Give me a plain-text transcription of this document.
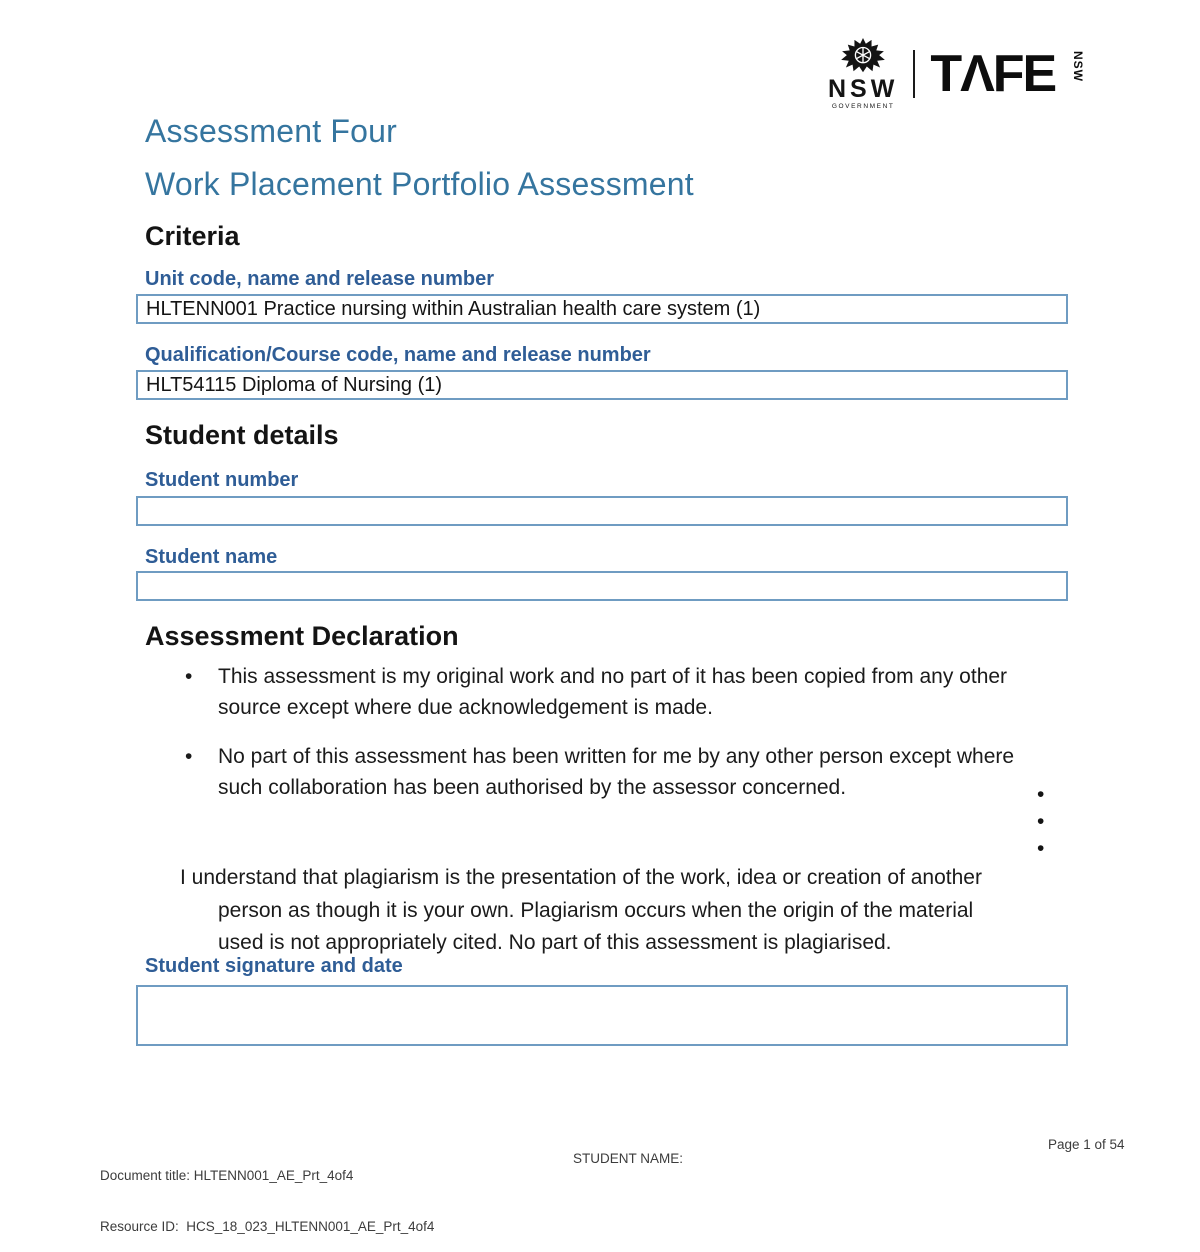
NSW
GOVERNMENT
TΛFE NSW
Assessment Four
Work Placement Portfolio Assessment
Criteria
Unit code, name and release number
HLTENN001 Practice nursing within Australian health care system (1)
Qualification/Course code, name and release number
HLT54115 Diploma of Nursing (1)
Student details
Student number
Student name
Assessment Declaration
• This assessment is my original work and no part of it has been copied from any other
source except where due acknowledgement is made.
• No part of this assessment has been written for me by any other person except where
such collaboration has been authorised by the assessor concerned.	•
•
•
I understand that plagiarism is the presentation of the work, idea or creation of another
person as though it is your own. Plagiarism occurs when the origin of the material
used is not appropriately cited. No part of this assessment is plagiarised.
Student signature and date

Document title: HLTENN001_AE_Prt_4of4

Resource ID:  HCS_18_023_HLTENN001_AE_Prt_4of4

STUDENT NAME:
Page 1 of 54
